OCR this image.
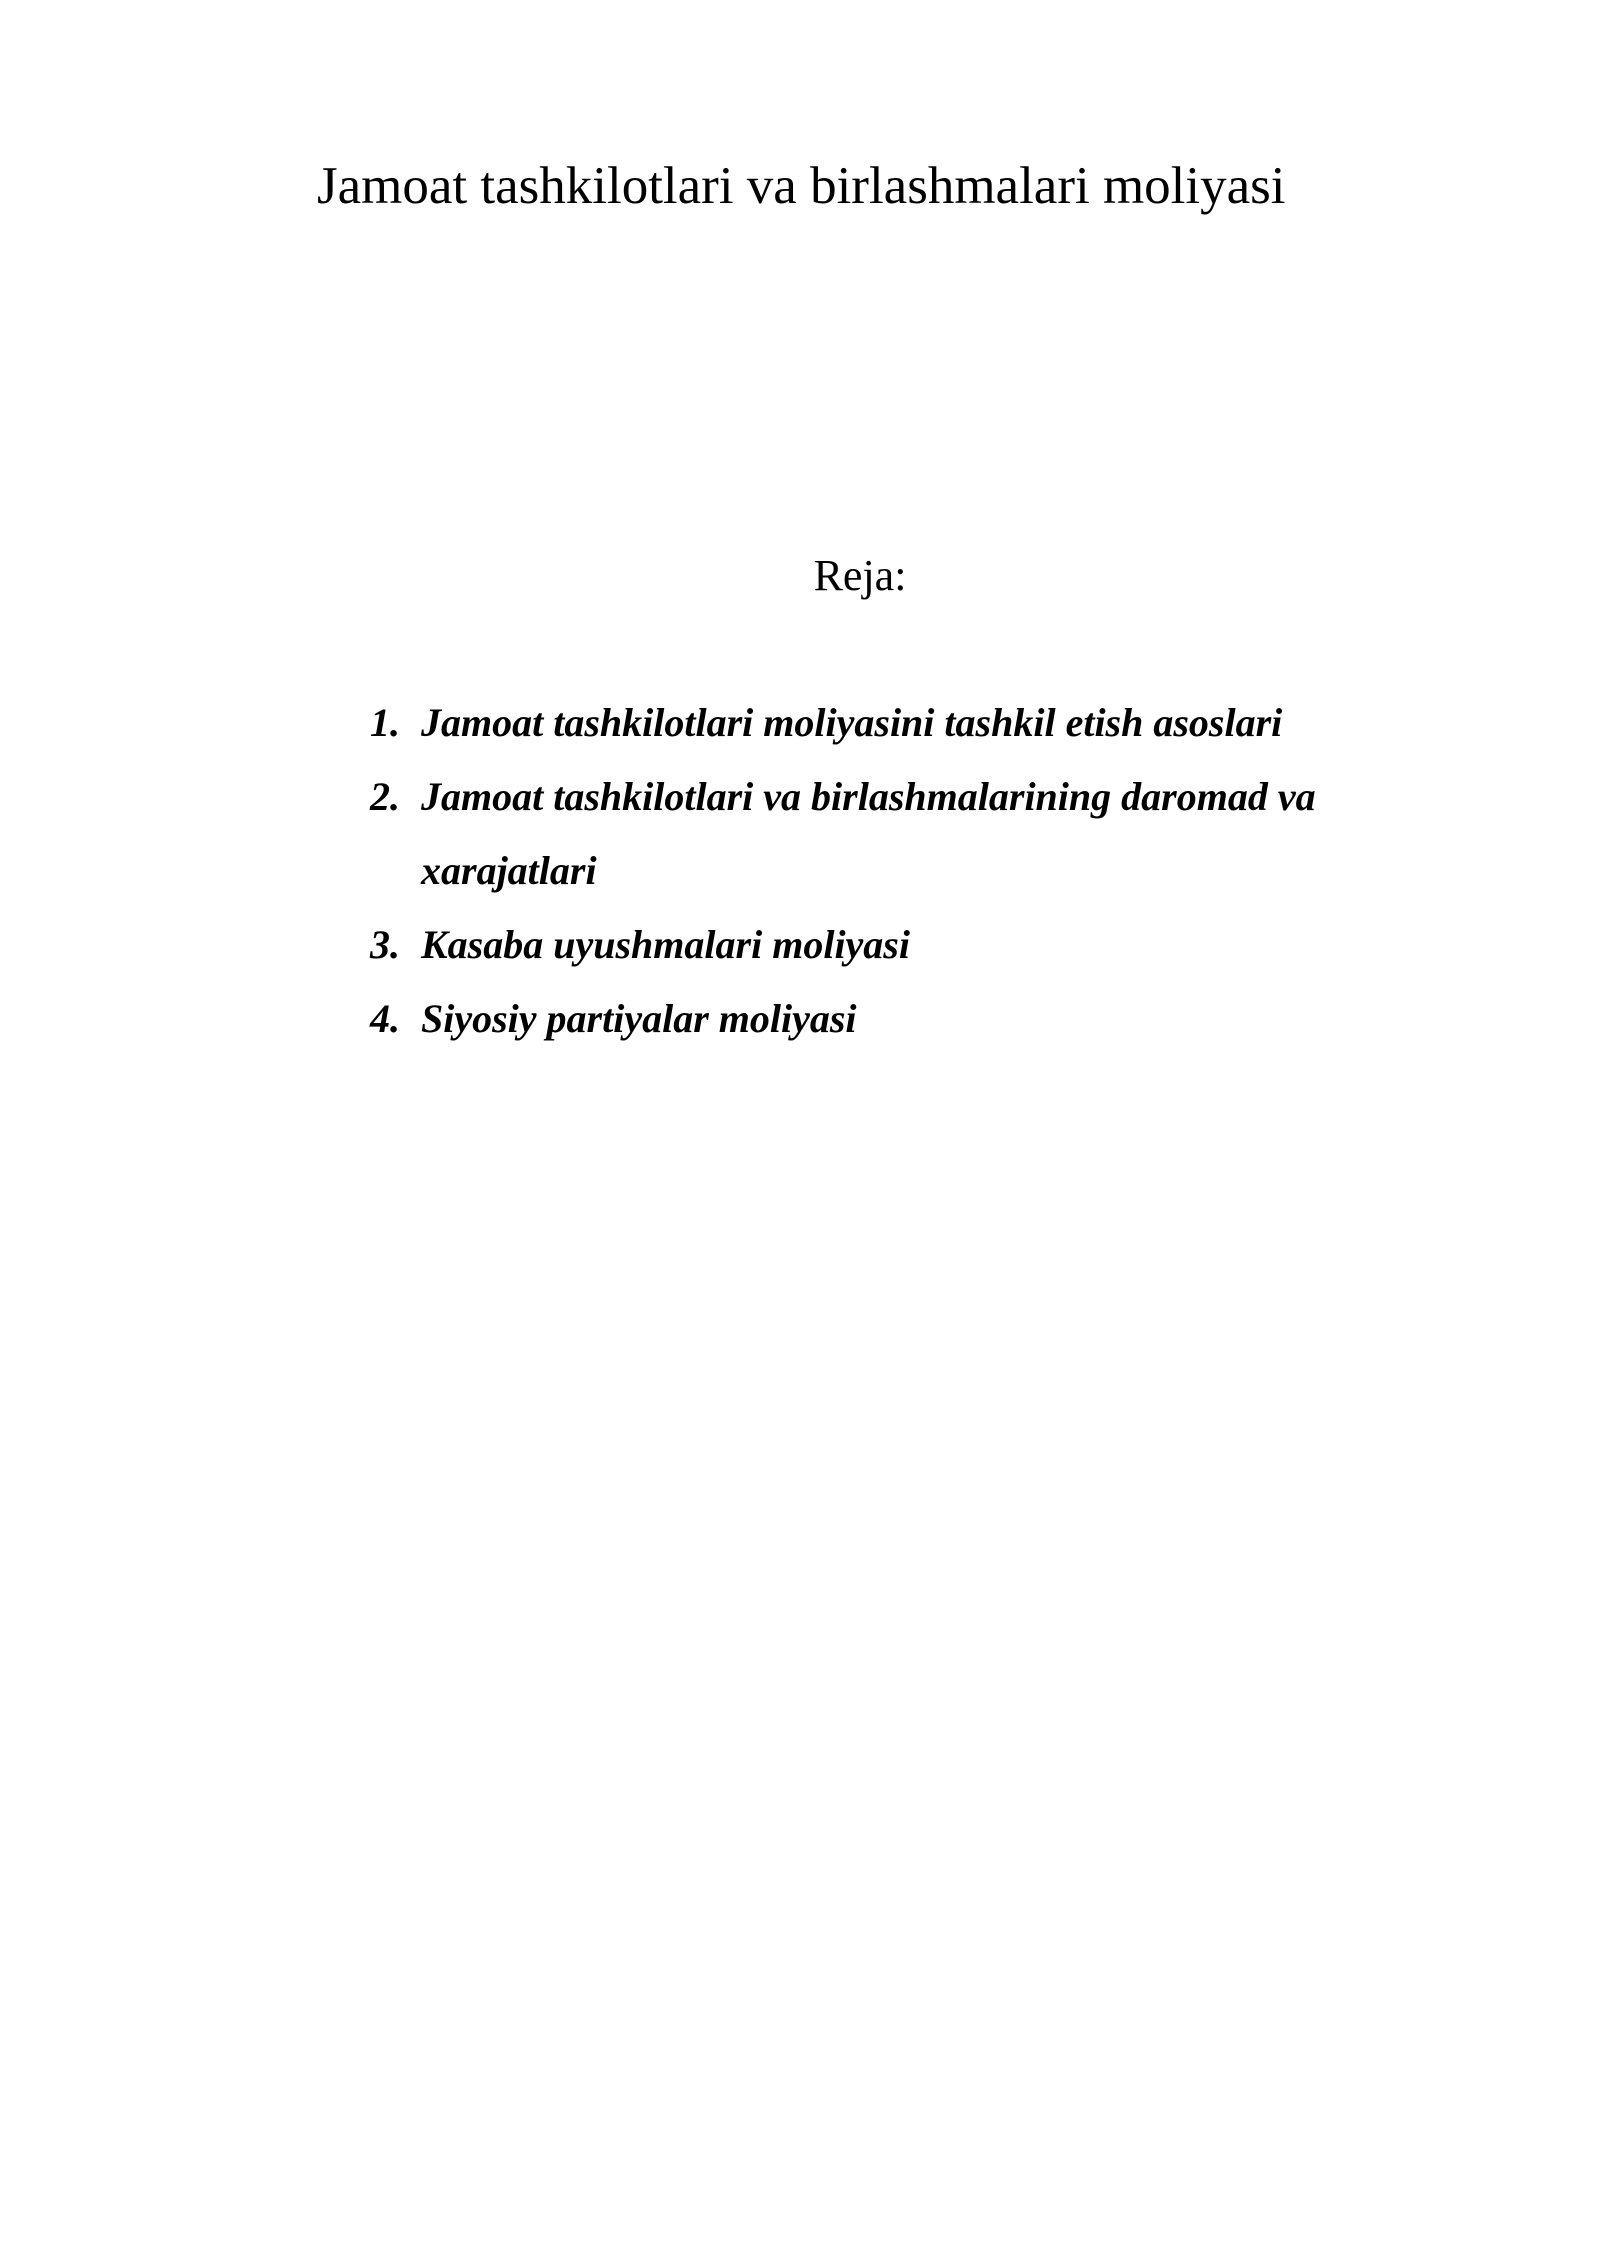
Jamoat tashkilotlari va birlashmalari moliyasi
Reja:
1. Jamoat tashkilotlari moliyasini tashkil etish asoslari
2. Jamoat tashkilotlari va birlashmalarining daromad va xarajatlari
3. Kasaba uyushmalari moliyasi
4. Siyosiy partiyalar moliyasi
